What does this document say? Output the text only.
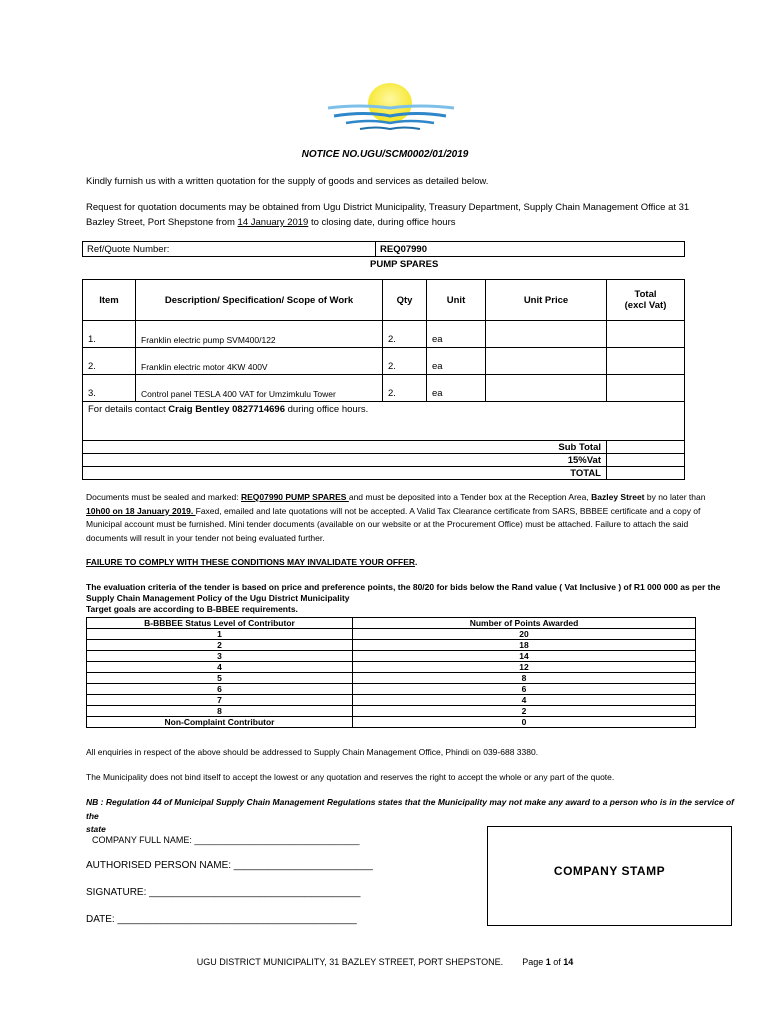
NOTICE NO.UGU/SCM0002/01/2019
Kindly furnish us with a written quotation for the supply of goods and services as detailed below.
Request for quotation documents may be obtained from Ugu District Municipality, Treasury Department, Supply Chain Management Office at 31
Bazley Street, Port Shepstone from 14 January 2019 to closing date, during office hours
Ref/Quote Number:	REQ07990
PUMP SPARES
Item	Description/ Specification/ Scope of Work	Qty	Unit	Unit Price	Total
(excl Vat)

1.	Franklin electric pump SVM400/122	2.	ea		
2.	Franklin electric motor 4KW 400V	2.	ea		
3.	Control panel TESLA 400 VAT for Umzimkulu Tower	2.	ea		
For details contact Craig Bentley 0827714696 during office hours.					
Sub Total					
15%Vat					
TOTAL					
Documents must be sealed and marked: REQ07990 PUMP SPARES and must be deposited into a Tender box at the Reception Area, Bazley Street by no later than
10h00 on 18 January 2019. Faxed, emailed and late quotations will not be accepted. A Valid Tax Clearance certificate from SARS, BBBEE certificate and a copy of
Municipal account must be furnished. Mini tender documents (available on our website or at the Procurement Office) must be attached. Failure to attach the said
documents will result in your tender not being evaluated further.
FAILURE TO COMPLY WITH THESE CONDITIONS MAY INVALIDATE YOUR OFFER.
The evaluation criteria of the tender is based on price and preference points, the 80/20 for bids below the Rand value ( Vat Inclusive ) of R1 000 000 as per the
Supply Chain Management Policy of the Ugu District Municipality
Target goals are according to B-BBEE requirements.
B-BBBEE Status Level of Contributor	Number of Points Awarded
1	20
2	18
3	14
4	12
5	8
6	6
7	4
8	2
Non-Complaint Contributor	0
All enquiries in respect of the above should be addressed to Supply Chain Management Office, Phindi on 039-688 3380.
The Municipality does not bind itself to accept the lowest or any quotation and reserves the right to accept the whole or any part of the quote.
NB : Regulation 44 of Municipal Supply Chain Management Regulations states that the Municipality may not make any award to a person who is in the service of the
state
COMPANY FULL NAME: _________________________________
AUTHORISED PERSON NAME: _________________________
SIGNATURE: ______________________________________
DATE: ___________________________________________
COMPANY STAMP
UGU DISTRICT MUNICIPALITY, 31 BAZLEY STREET, PORT SHEPSTONE. Page 1 of 14
